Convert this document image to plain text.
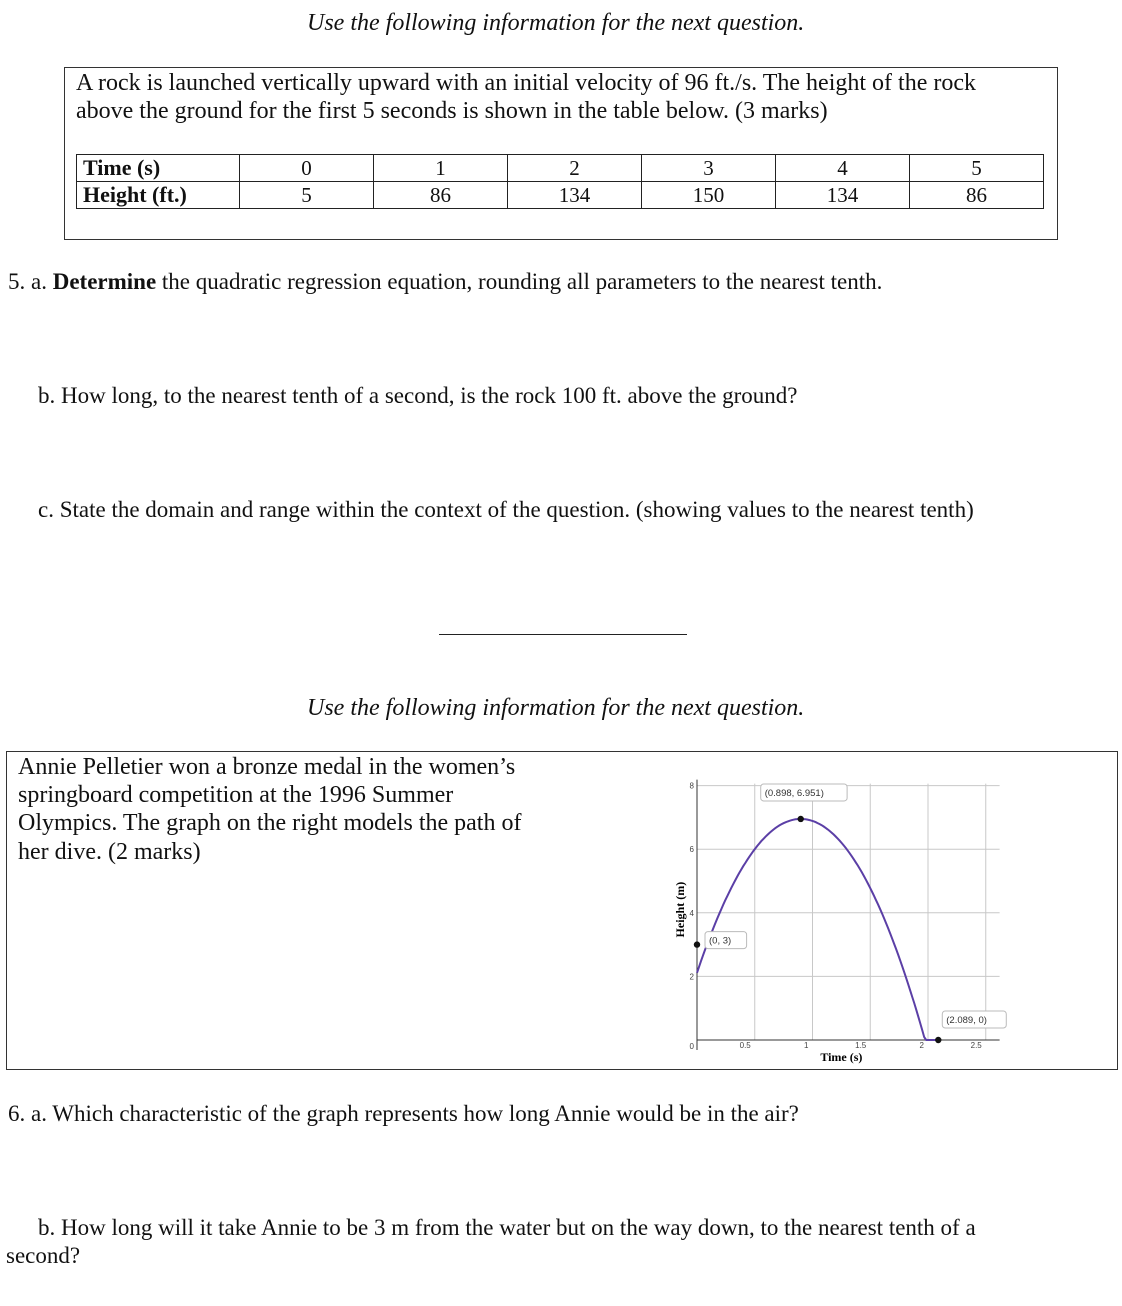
Use the following information for the next question.
A rock is launched vertically upward with an initial velocity of 96 ft./s. The height of the rock
above the ground for the first 5 seconds is shown in the table below. (3 marks)
Time (s)	0	1	2	3	4	5
Height (ft.)	5	86	134	150	134	86
5. a. Determine the quadratic regression equation, rounding all parameters to the nearest tenth.
b. How long, to the nearest tenth of a second, is the rock 100 ft. above the ground?
c. State the domain and range within the context of the question. (showing values to the nearest tenth)
Use the following information for the next question.
Annie Pelletier won a bronze medal in the women’s
springboard competition at the 1996 Summer
Olympics. The graph on the right models the path of
her dive. (2 marks)
0.5	1	1.5	2	2.5
0
2
4
6
8
(0, 3)
(0.898, 6.951)
(2.089, 0)
Time (s)
Height (m)
6. a. Which characteristic of the graph represents how long Annie would be in the air?
b. How long will it take Annie to be 3 m from the water but on the way down, to the nearest tenth of a
second?
